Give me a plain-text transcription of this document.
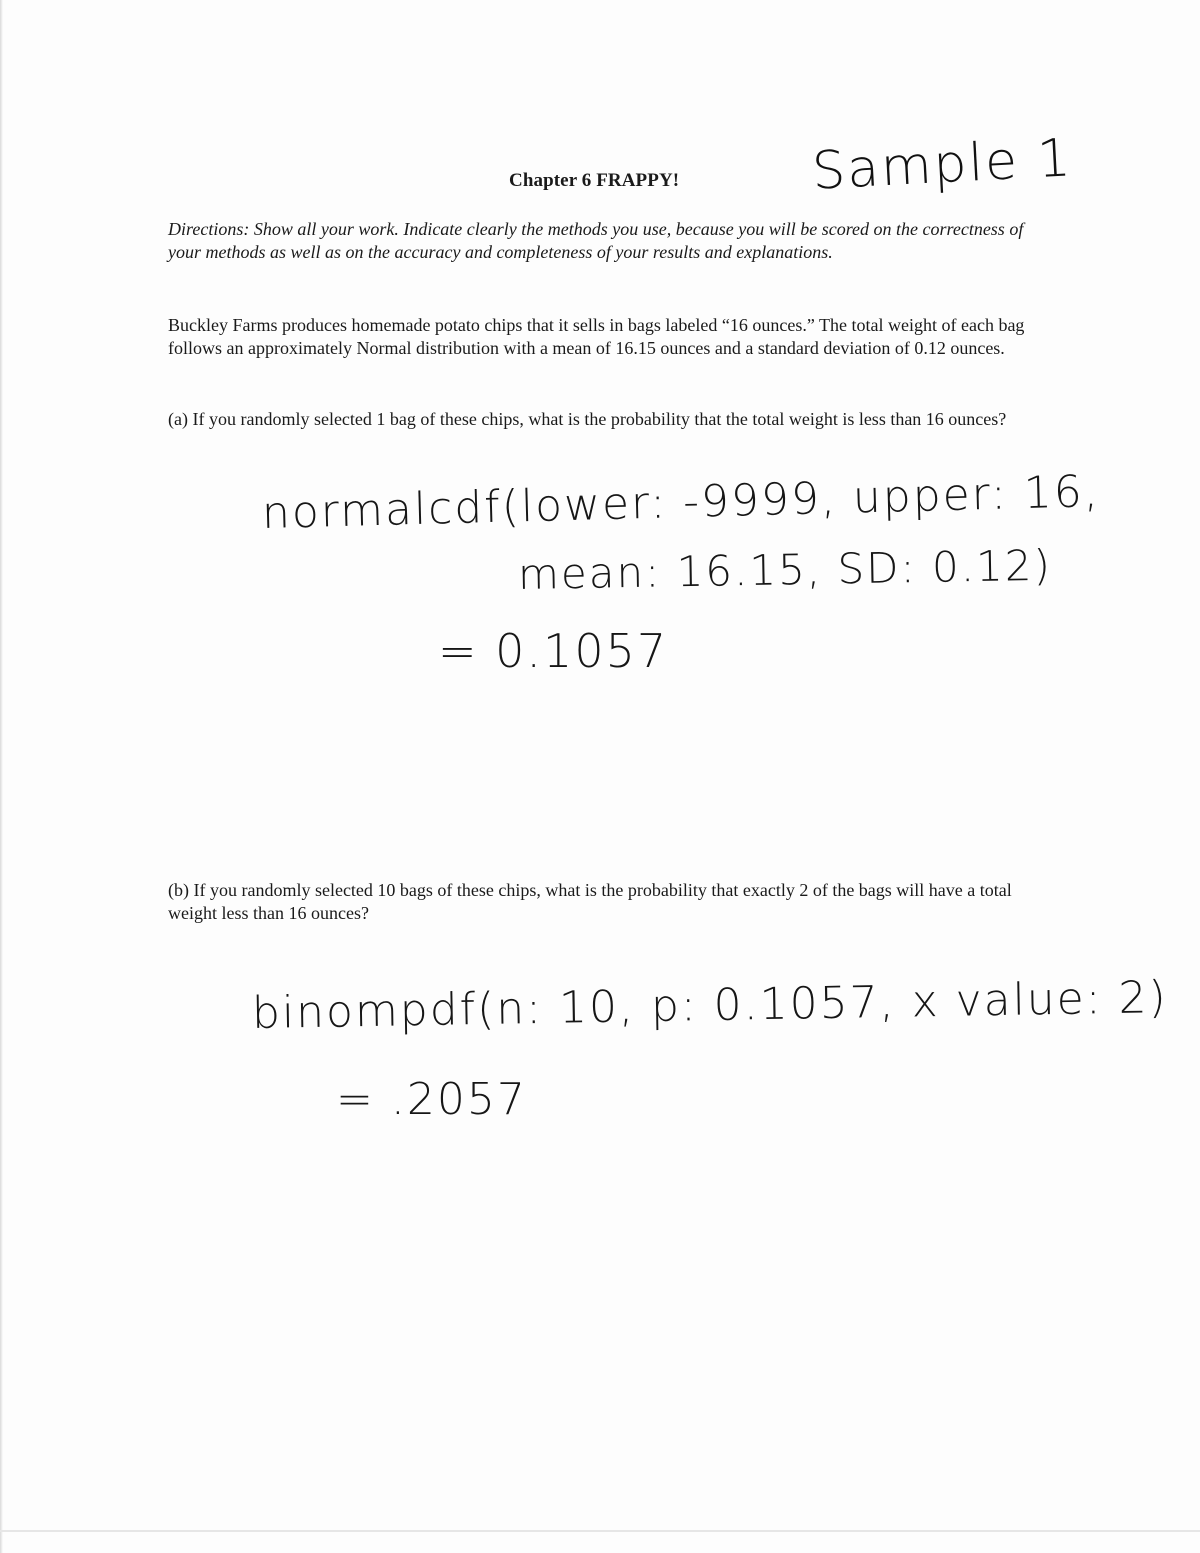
Chapter 6 FRAPPY!	Sample 1
Directions: Show all your work. Indicate clearly the methods you use, because you will be scored on the correctness of your methods as well as on the accuracy and completeness of your results and explanations.
Buckley Farms produces homemade potato chips that it sells in bags labeled “16 ounces.” The total weight of each bag follows an approximately Normal distribution with a mean of 16.15 ounces and a standard deviation of 0.12 ounces.
(a) If you randomly selected 1 bag of these chips, what is the probability that the total weight is less than 16 ounces?
normalcdf(lower: -9999, upper: 16,
mean: 16.15, SD: 0.12)
= 0.1057
(b) If you randomly selected 10 bags of these chips, what is the probability that exactly 2 of the bags will have a total weight less than 16 ounces?
binompdf(n: 10, p: 0.1057, x value: 2)
= .2057
